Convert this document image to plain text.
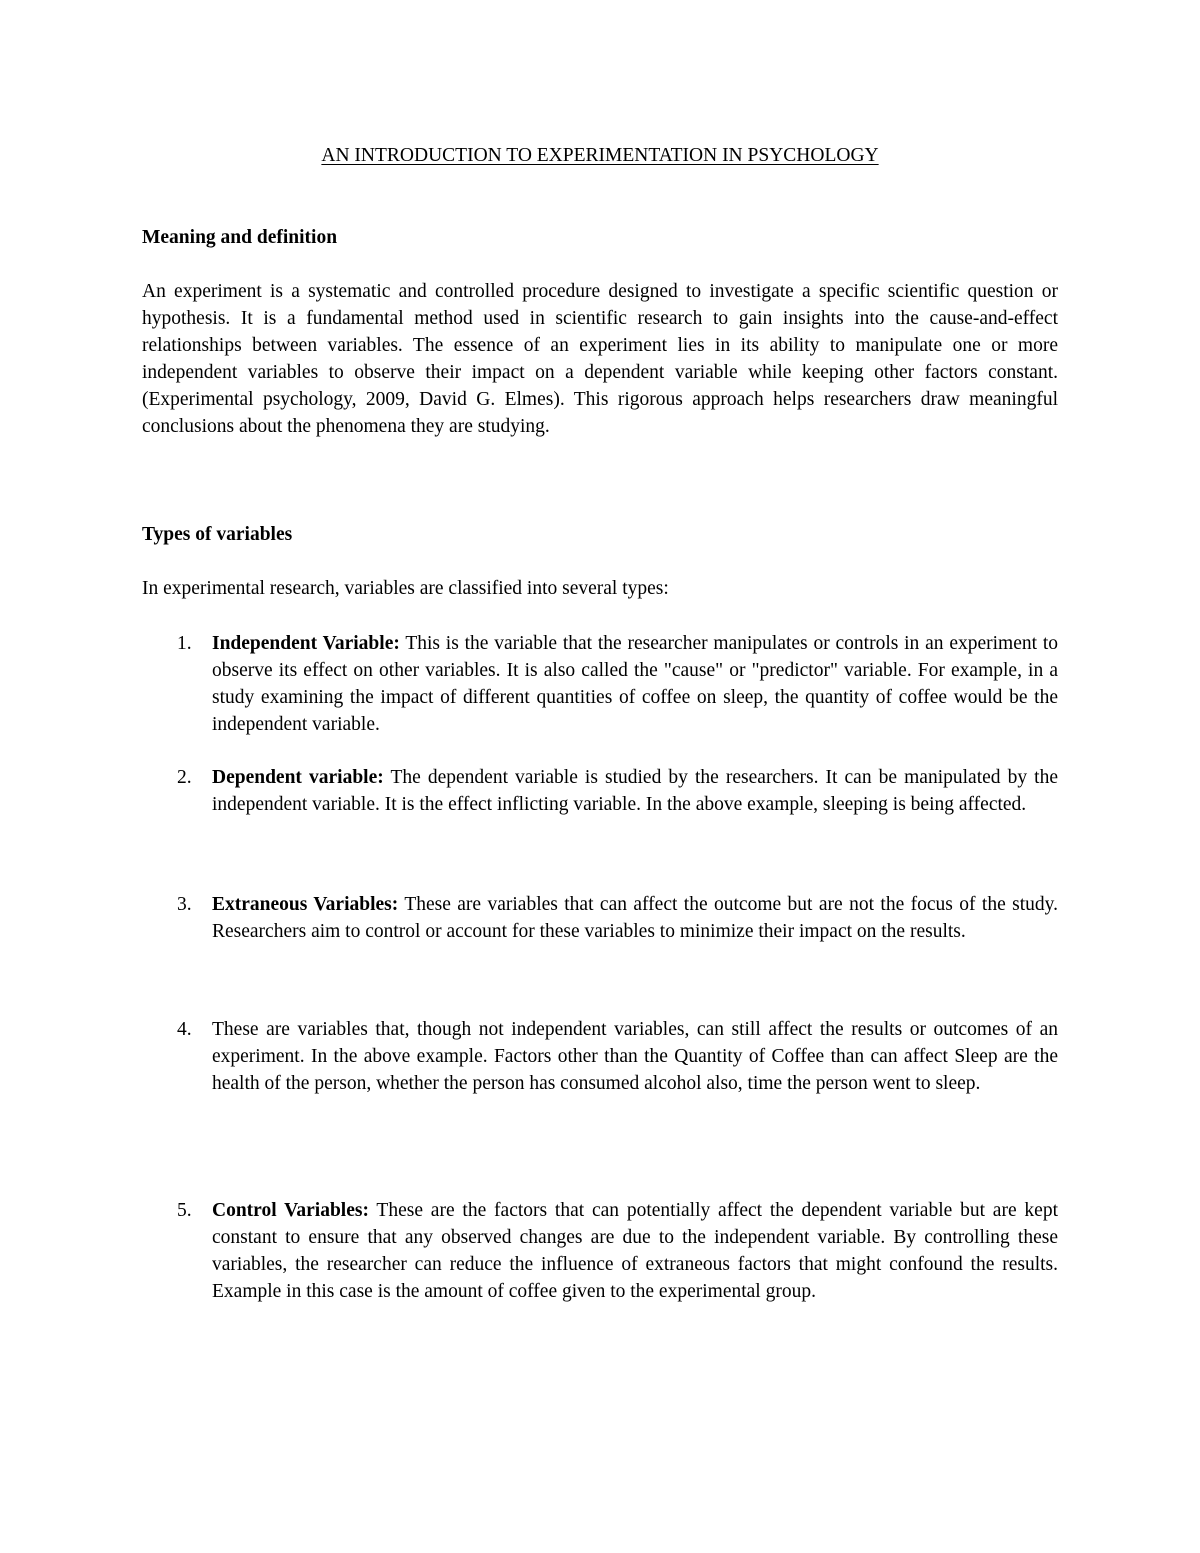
AN INTRODUCTION TO EXPERIMENTATION IN PSYCHOLOGY
Meaning and definition

An experiment is a systematic and controlled procedure designed to investigate a specific scientific question or hypothesis. It is a fundamental method used in scientific research to gain insights into the cause-and-effect relationships between variables. The essence of an experiment lies in its ability to manipulate one or more independent variables to observe their impact on a dependent variable while keeping other factors constant. (Experimental psychology, 2009, David G. Elmes). This rigorous approach helps researchers draw meaningful conclusions about the phenomena they are studying.

Types of variables

In experimental research, variables are classified into several types:

1.	Independent Variable: This is the variable that the researcher manipulates or controls in an experiment to observe its effect on other variables. It is also called the "cause" or "predictor" variable. For example, in a study examining the impact of different quantities of coffee on sleep, the quantity of coffee would be the independent variable.
2.	Dependent variable: The dependent variable is studied by the researchers. It can be manipulated by the independent variable. It is the effect inflicting variable. In the above example, sleeping is being affected.
3.	Extraneous Variables: These are variables that can affect the outcome but are not the focus of the study. Researchers aim to control or account for these variables to minimize their impact on the results.
4.	These are variables that, though not independent variables, can still affect the results or outcomes of an experiment. In the above example. Factors other than the Quantity of Coffee than can affect Sleep are the health of the person, whether the person has consumed alcohol also, time the person went to sleep.
5.	Control Variables: These are the factors that can potentially affect the dependent variable but are kept constant to ensure that any observed changes are due to the independent variable. By controlling these variables, the researcher can reduce the influence of extraneous factors that might confound the results. Example in this case is the amount of coffee given to the experimental group.
